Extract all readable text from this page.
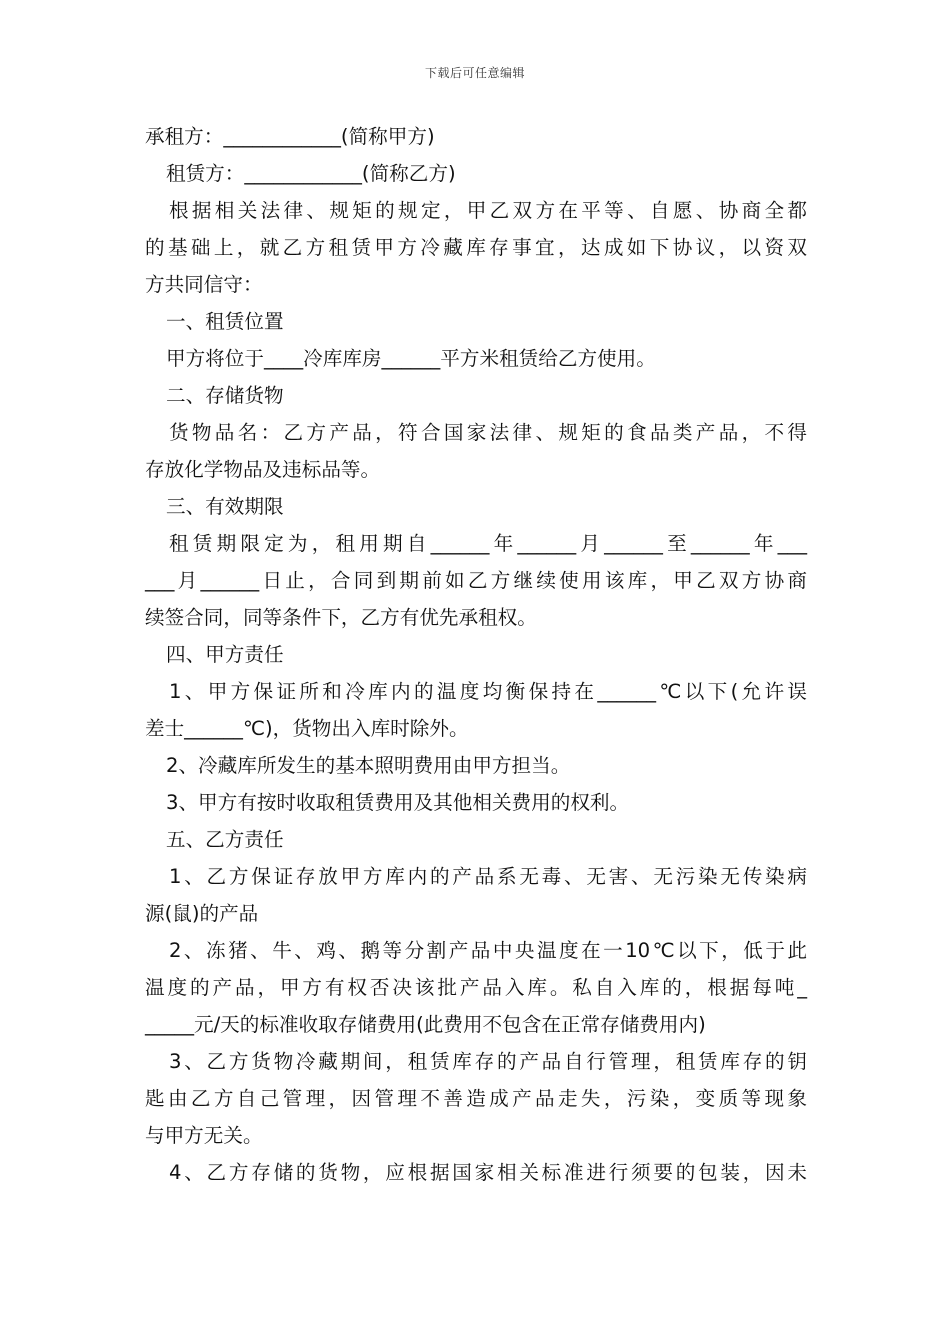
下载后可任意编辑
承租方：____________(简称甲方)
租赁方：____________(简称乙方)
根据相关法律、规矩的规定，甲乙双方在平等、自愿、协商全都
的基础上，就乙方租赁甲方冷藏库存事宜，达成如下协议，以资双
方共同信守：
一、租赁位置
甲方将位于____冷库库房______平方米租赁给乙方使用。
二、存储货物
货物品名：乙方产品，符合国家法律、规矩的食品类产品，不得
存放化学物品及违标品等。
三、有效期限
租赁期限定为，租用期自______年______月______至______年___
___月______日止，合同到期前如乙方继续使用该库，甲乙双方协商
续签合同，同等条件下，乙方有优先承租权。
四、甲方责任
1、甲方保证所和冷库内的温度均衡保持在______℃以下(允许误
差士______℃)，货物出入库时除外。
2、冷藏库所发生的基本照明费用由甲方担当。
3、甲方有按时收取租赁费用及其他相关费用的权利。
五、乙方责任
1、乙方保证存放甲方库内的产品系无毒、无害、无污染无传染病
源(鼠)的产品
2、冻猪、牛、鸡、鹅等分割产品中央温度在一10℃以下，低于此
温度的产品，甲方有权否决该批产品入库。私自入库的，根据每吨_
_____元/天的标准收取存储费用(此费用不包含在正常存储费用内)
3、乙方货物冷藏期间，租赁库存的产品自行管理，租赁库存的钥
匙由乙方自己管理，因管理不善造成产品走失，污染，变质等现象
与甲方无关。
4、乙方存储的货物，应根据国家相关标准进行须要的包装，因未
